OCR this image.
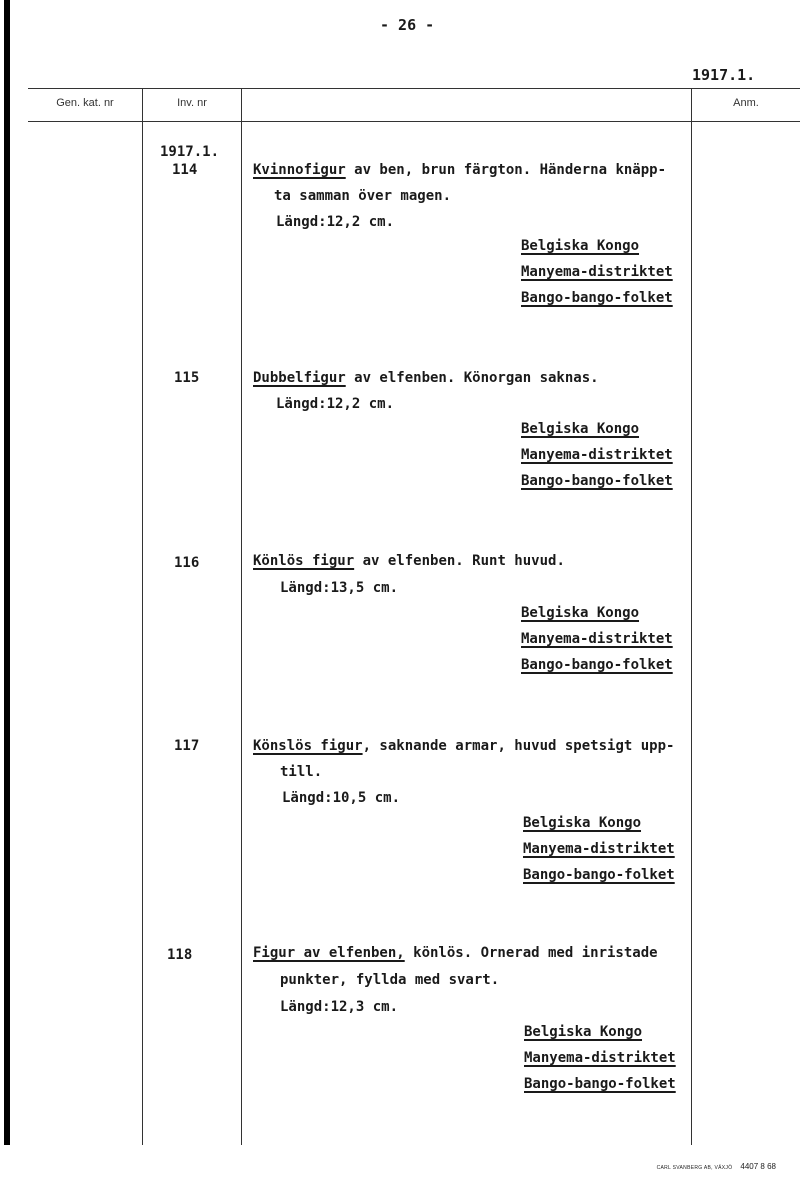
- 26 -
1917.1.
Gen. kat. nr	Inv. nr	Anm.
1917.1.
114	Kvinnofigur av ben, brun färgton. Händerna knäpp-
ta samman över magen.
Längd:12,2 cm.
Belgiska Kongo
Manyema-distriktet
Bango-bango-folket
115	Dubbelfigur av elfenben. Könorgan saknas.
Längd:12,2 cm.
Belgiska Kongo
Manyema-distriktet
Bango-bango-folket
116	Könlös figur av elfenben. Runt huvud.
Längd:13,5 cm.
Belgiska Kongo
Manyema-distriktet
Bango-bango-folket
117	Könslös figur, saknande armar, huvud spetsigt upp-
till.
Längd:10,5 cm.
Belgiska Kongo
Manyema-distriktet
Bango-bango-folket
118	Figur av elfenben, könlös. Ornerad med inristade
punkter, fyllda med svart.
Längd:12,3 cm.
Belgiska Kongo
Manyema-distriktet
Bango-bango-folket
CARL SVANBERG AB, VÄXJÖ 4407 8 68
